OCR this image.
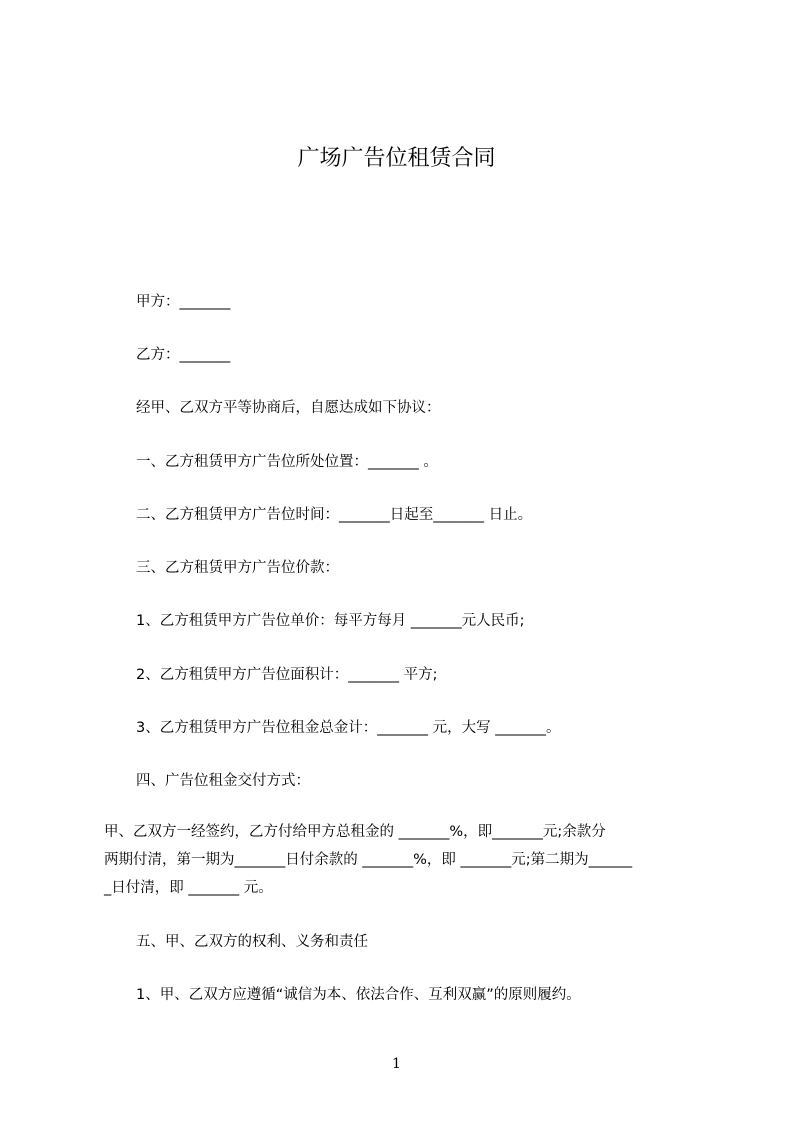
广场广告位租赁合同
甲方：_______
乙方：_______
经甲、乙双方平等协商后，自愿达成如下协议：
一、乙方租赁甲方广告位所处位置：_______ 。
二、乙方租赁甲方广告位时间：_______日起至_______ 日止。
三、乙方租赁甲方广告位价款：
1、乙方租赁甲方广告位单价：每平方每月 _______元人民币;
2、乙方租赁甲方广告位面积计：_______ 平方;
3、乙方租赁甲方广告位租金总金计：_______ 元，大写 _______。
四、广告位租金交付方式：
甲、乙双方一经签约，乙方付给甲方总租金的 _______%，即_______元;余款分
两期付清，第一期为_______日付余款的 _______%，即 _______元;第二期为______
_日付清，即 _______ 元。
五、甲、乙双方的权利、义务和责任
1、甲、乙双方应遵循“诚信为本、依法合作、互利双赢”的原则履约。
1
